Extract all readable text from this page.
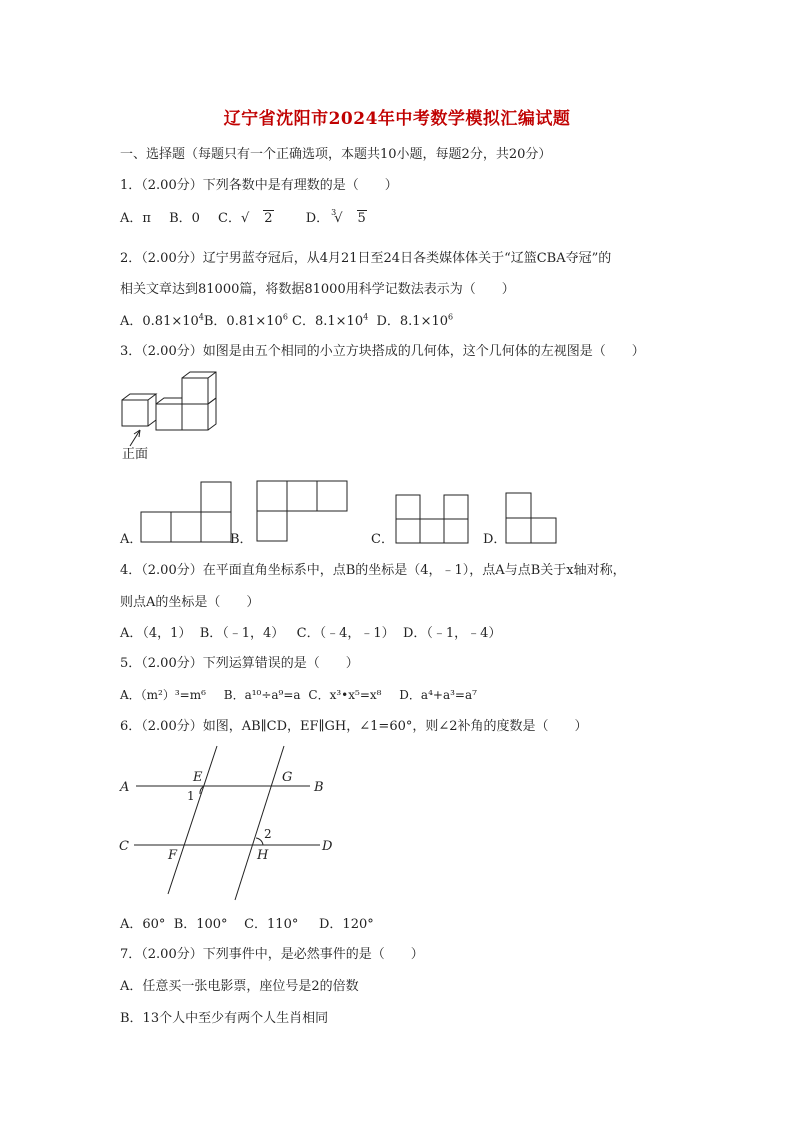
辽宁省沈阳市2024年中考数学模拟汇编试题
一、选择题（每题只有一个正确选项，本题共10小题，每题2分，共20分）
1．（2.00分）下列各数中是有理数的是（　　）
A．π B．0 C．√ 2	D． $^3$√ 5
2．（2.00分）辽宁男蓝夺冠后，从4月21日至24日各类媒体体关于“辽篮CBA夺冠”的
相关文章达到81000篇，将数据81000用科学记数法表示为（　　）
A．$0.81\times 10^4B$．$0.81\times 10^6$ C．$8.1\times 10^4$ D．$8.1\times 10^6$
3．（2.00分）如图是由五个相同的小立方块搭成的几何体，这个几何体的左视图是（　　）
正面
A．	B．	C．	D．
4．（2.00分）在平面直角坐标系中，点B的坐标是（4，﹣1），点A与点B关于x轴对称，
则点A的坐标是（　　）
A．（4，1）  B．（﹣1，4）   C．（﹣4，﹣1）  D．（﹣1，﹣4）
5．（2.00分）下列运算错误的是（　　）
A．（m²）³=m⁶ B．a¹⁰÷a⁹=a C．x³•x⁵=x⁸ D．a⁴+a³=a⁷
6．（2.00分）如图，AB∥CD，EF∥GH，∠1=60°，则∠2补角的度数是（　　）
A	B
C	D
E
F
G
H
1
2
A．60°  B．100°    C．110°     D．120°
7．（2.00分）下列事件中，是必然事件的是（　　）
A．任意买一张电影票，座位号是2的倍数
B．13个人中至少有两个人生肖相同
